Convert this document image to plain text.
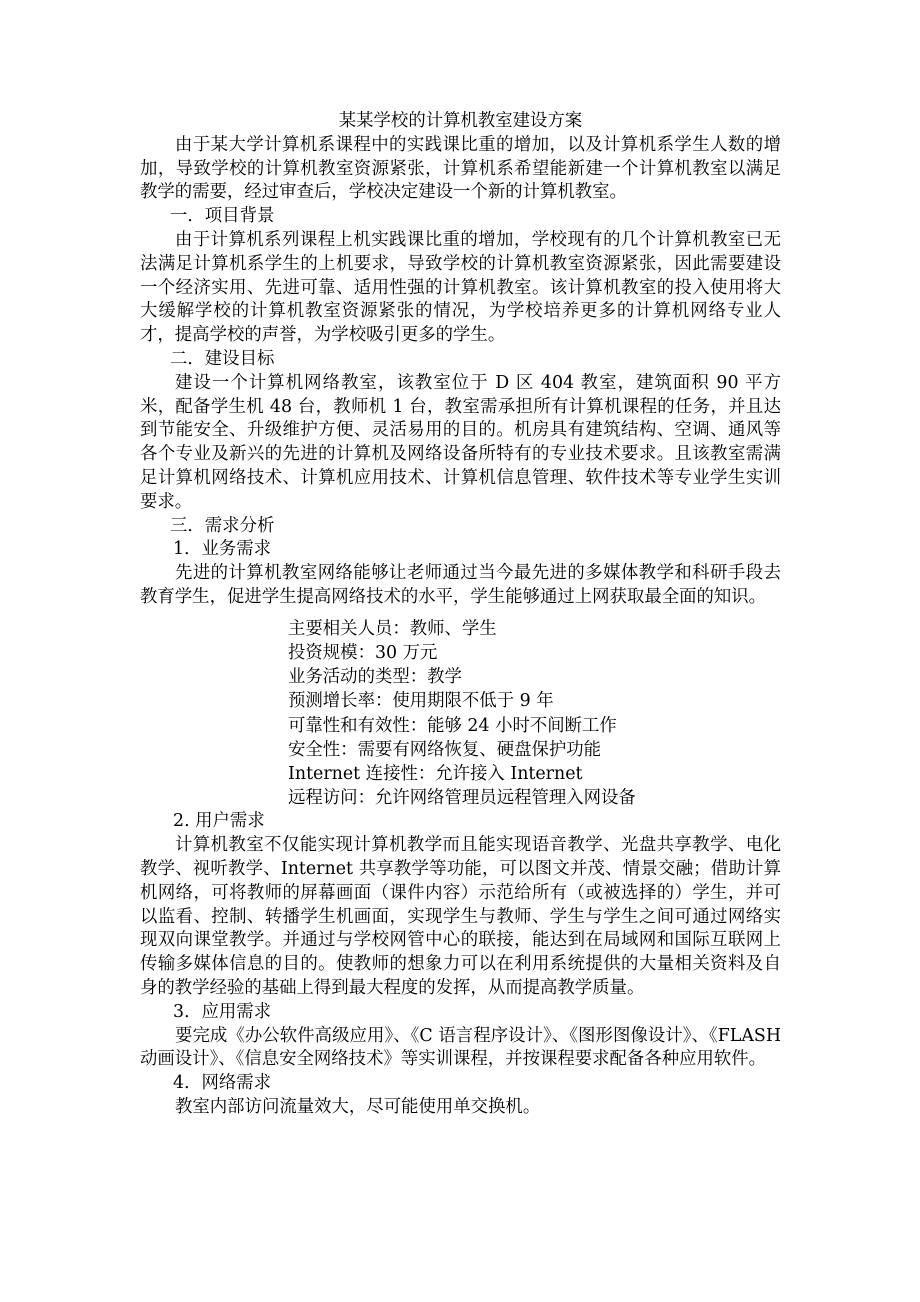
某某学校的计算机教室建设方案

由于某大学计算机系课程中的实践课比重的增加，以及计算机系学生人数的增加，导致学校的计算机教室资源紧张，计算机系希望能新建一个计算机教室以满足教学的需要，经过审查后，学校决定建设一个新的计算机教室。

一．项目背景

由于计算机系列课程上机实践课比重的增加，学校现有的几个计算机教室已无法满足计算机系学生的上机要求，导致学校的计算机教室资源紧张，因此需要建设一个经济实用、先进可靠、适用性强的计算机教室。该计算机教室的投入使用将大大缓解学校的计算机教室资源紧张的情况，为学校培养更多的计算机网络专业人才，提高学校的声誉，为学校吸引更多的学生。

二．建设目标

建设一个计算机网络教室，该教室位于 D 区 404 教室，建筑面积 90 平方米，配备学生机 48 台，教师机 1 台，教室需承担所有计算机课程的任务，并且达到节能安全、升级维护方便、灵活易用的目的。机房具有建筑结构、空调、通风等各个专业及新兴的先进的计算机及网络设备所特有的专业技术要求。且该教室需满足计算机网络技术、计算机应用技术、计算机信息管理、软件技术等专业学生实训要求。

三．需求分析

1．业务需求

先进的计算机教室网络能够让老师通过当今最先进的多媒体教学和科研手段去教育学生，促进学生提高网络技术的水平，学生能够通过上网获取最全面的知识。

主要相关人员：教师、学生
投资规模：30 万元
业务活动的类型：教学
预测增长率：使用期限不低于 9 年
可靠性和有效性：能够 24 小时不间断工作
安全性：需要有网络恢复、硬盘保护功能
Internet 连接性：允许接入 Internet
远程访问：允许网络管理员远程管理入网设备

2. 用户需求

计算机教室不仅能实现计算机教学而且能实现语音教学、光盘共享教学、电化教学、视听教学、Internet 共享教学等功能，可以图文并茂、情景交融；借助计算机网络，可将教师的屏幕画面（课件内容）示范给所有（或被选择的）学生，并可以监看、控制、转播学生机画面，实现学生与教师、学生与学生之间可通过网络实现双向课堂教学。并通过与学校网管中心的联接，能达到在局域网和国际互联网上传输多媒体信息的目的。使教师的想象力可以在利用系统提供的大量相关资料及自身的教学经验的基础上得到最大程度的发挥，从而提高教学质量。

3．应用需求

要完成《办公软件高级应用》、《C 语言程序设计》、《图形图像设计》、《FLASH 动画设计》、《信息安全网络技术》等实训课程，并按课程要求配备各种应用软件。

4．网络需求

教室内部访问流量效大，尽可能使用单交换机。
